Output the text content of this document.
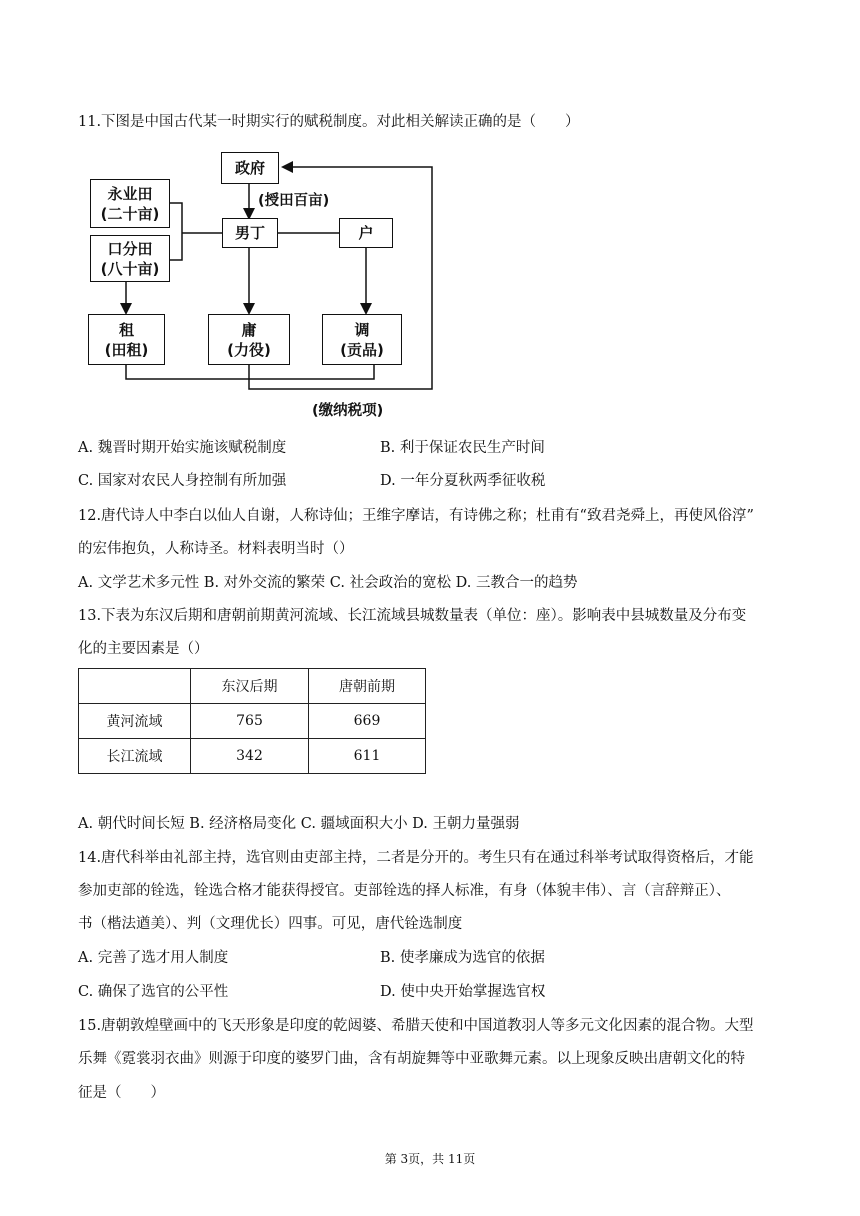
11.下图是中国古代某一时期实行的赋税制度。对此相关解读正确的是（　　）
政府
(授田百亩)
永业田
(二十亩)
口分田
(八十亩)
男丁	户
租
(田租)
庸
(力役)
调
(贡品)
(缴纳税项)
A. 魏晋时期开始实施该赋税制度	B. 利于保证农民生产时间
C. 国家对农民人身控制有所加强	D. 一年分夏秋两季征收税
12.唐代诗人中李白以仙人自谢，人称诗仙；王维字摩诘，有诗佛之称；杜甫有“致君尧舜上，再使风俗淳”
的宏伟抱负，人称诗圣。材料表明当时（）
A. 文学艺术多元性 B. 对外交流的繁荣 C. 社会政治的宽松 D. 三教合一的趋势
13.下表为东汉后期和唐朝前期黄河流域、长江流域县城数量表（单位：座）。影响表中县城数量及分布变
化的主要因素是（）
	东汉后期	唐朝前期
黄河流域	765	669
长江流域	342	611
A. 朝代时间长短 B. 经济格局变化 C. 疆域面积大小 D. 王朝力量强弱
14.唐代科举由礼部主持，选官则由吏部主持，二者是分开的。考生只有在通过科举考试取得资格后，才能
参加吏部的铨选，铨选合格才能获得授官。吏部铨选的择人标准，有身（体貌丰伟）、言（言辞辩正）、
书（楷法遒美）、判（文理优长）四事。可见，唐代铨选制度
A. 完善了选才用人制度	B. 使孝廉成为选官的依据
C. 确保了选官的公平性	D. 使中央开始掌握选官权
15.唐朝敦煌壁画中的飞天形象是印度的乾闼婆、希腊天使和中国道教羽人等多元文化因素的混合物。大型
乐舞《霓裳羽衣曲》则源于印度的婆罗门曲，含有胡旋舞等中亚歌舞元素。以上现象反映出唐朝文化的特
征是（　　）
第 3页，共 11页
